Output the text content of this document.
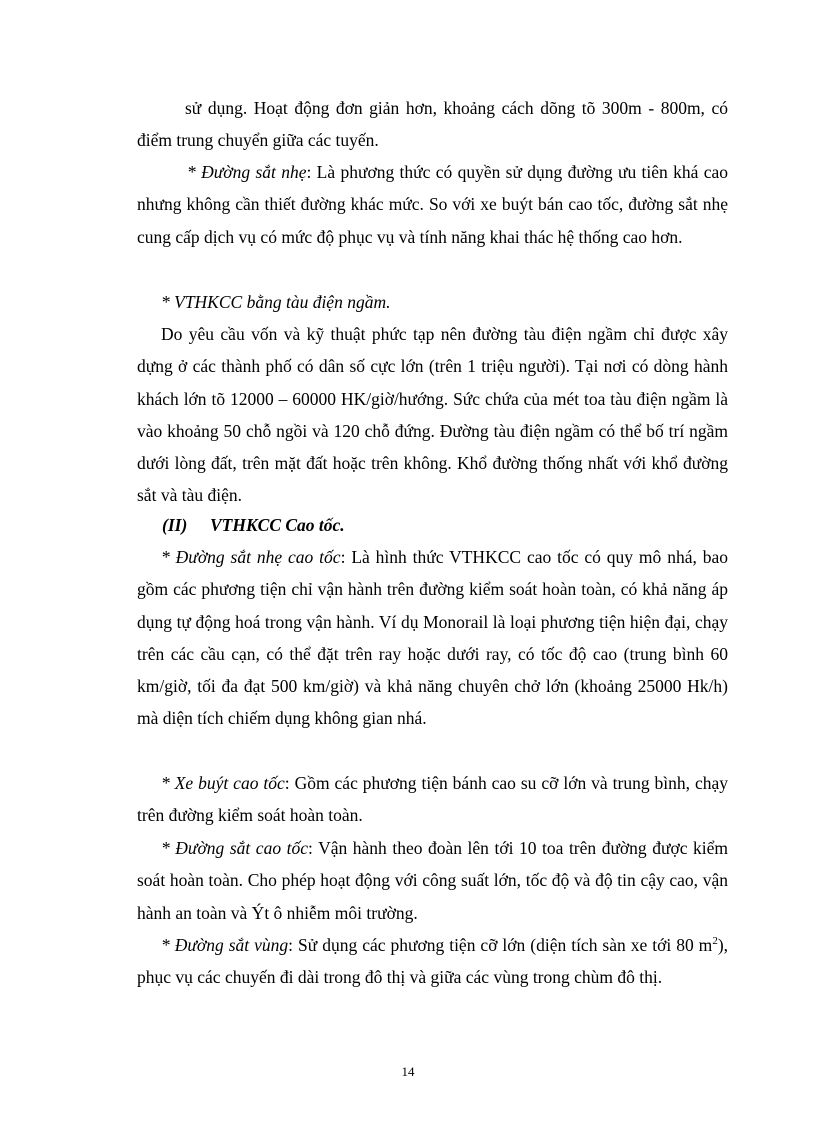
sử dụng. Hoạt động đơn giản hơn, khoảng cách dõng tõ 300m - 800m, có điểm trung chuyển giữa các tuyến.

* Đường sắt nhẹ: Là phương thức có quyền sử dụng đường ưu tiên khá cao nhưng không cần thiết đường khác mức. So với xe buýt bán cao tốc, đường sắt nhẹ cung cấp dịch vụ có mức độ phục vụ và tính năng khai thác hệ thống cao hơn.

* VTHKCC bằng tàu điện ngầm.

Do yêu cầu vốn và kỹ thuật phức tạp nên đường tàu điện ngầm chỉ được xây dựng ở các thành phố có dân số cực lớn (trên 1 triệu người). Tại nơi có dòng hành khách lớn tõ 12000 – 60000 HK/giờ/hướng. Sức chứa của mét toa tàu điện ngầm là vào khoảng 50 chỗ ngồi và 120 chỗ đứng. Đường tàu điện ngầm có thể bố trí ngầm dưới lòng đất, trên mặt đất hoặc trên không. Khổ đường thống nhất với khổ đường sắt và tàu điện.

(II) VTHKCC Cao tốc.

* Đường sắt nhẹ cao tốc: Là hình thức VTHKCC cao tốc có quy mô nhá, bao gồm các phương tiện chỉ vận hành trên đường kiểm soát hoàn toàn, có khả năng áp dụng tự động hoá trong vận hành. Ví dụ Monorail là loại phương tiện hiện đại, chạy trên các cầu cạn, có thể đặt trên ray hoặc dưới ray, có tốc độ cao (trung bình 60 km/giờ, tối đa đạt 500 km/giờ) và khả năng chuyên chở lớn (khoảng 25000 Hk/h) mà diện tích chiếm dụng không gian nhá.

* Xe buýt cao tốc: Gồm các phương tiện bánh cao su cỡ lớn và trung bình, chạy trên đường kiểm soát hoàn toàn.

* Đường sắt cao tốc: Vận hành theo đoàn lên tới 10 toa trên đường được kiểm soát hoàn toàn. Cho phép hoạt động với công suất lớn, tốc độ và độ tin cậy cao, vận hành an toàn và Ýt ô nhiễm môi trường.

* Đường sắt vùng: Sử dụng các phương tiện cỡ lớn (diện tích sàn xe tới 80 $m^2$), phục vụ các chuyến đi dài trong đô thị và giữa các vùng trong chùm đô thị.

14
